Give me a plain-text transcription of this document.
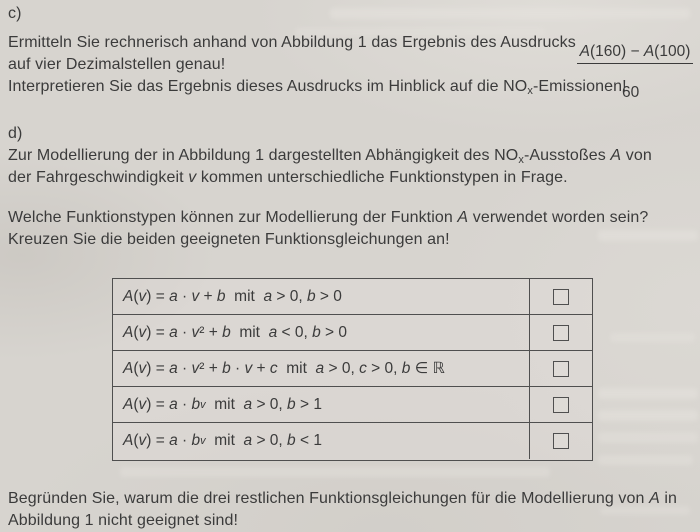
c)
Ermitteln Sie rechnerisch anhand von Abbildung 1 das Ergebnis des Ausdrucks

$\frac{A(160) - A(100)}{60}$

auf vier Dezimalstellen genau!
Interpretieren Sie das Ergebnis dieses Ausdrucks im Hinblick auf die NOx-Emissionen!
d)
Zur Modellierung der in Abbildung 1 dargestellten Abhängigkeit des NOx-Ausstoßes A von
der Fahrgeschwindigkeit v kommen unterschiedliche Funktionstypen in Frage.
Welche Funktionstypen können zur Modellierung der Funktion A verwendet worden sein?
Kreuzen Sie die beiden geeigneten Funktionsgleichungen an!
A ( v ) = a · v + b mit a > 0, b > 0
A ( v ) = a · v ² + b mit a < 0, b > 0
A ( v ) = a · v ² + b · v + c mit a > 0, c > 0, b ∈ ℝ
A ( v ) = a · b v mit a > 0, b > 1
A ( v ) = a · b v mit a > 0, b < 1
Begründen Sie, warum die drei restlichen Funktionsgleichungen für die Modellierung von A in
Abbildung 1 nicht geeignet sind!
